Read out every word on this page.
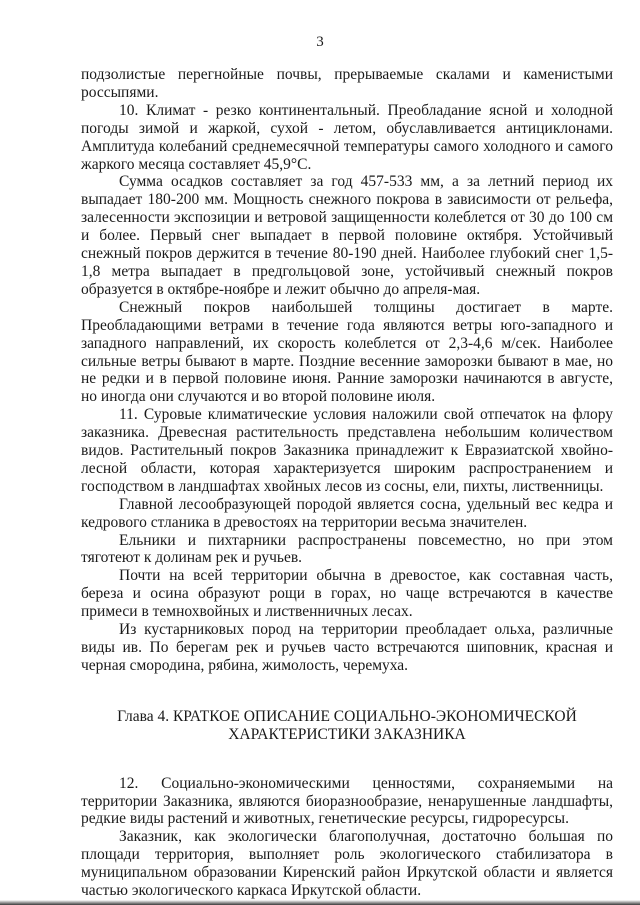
3

подзолистые перегнойные почвы, прерываемые скалами и каменистыми россыпями.

10. Климат - резко континентальный. Преобладание ясной и холодной погоды зимой и жаркой, сухой - летом, обуславливается антициклонами. Амплитуда колебаний среднемесячной температуры самого холодного и самого жаркого месяца составляет 45,9°С.

Сумма осадков составляет за год 457-533 мм, а за летний период их выпадает 180-200 мм. Мощность снежного покрова в зависимости от рельефа, залесенности экспозиции и ветровой защищенности колеблется от 30 до 100 см и более. Первый снег выпадает в первой половине октября. Устойчивый снежный покров держится в течение 80-190 дней. Наиболее глубокий снег 1,5-1,8 метра выпадает в предгольцовой зоне, устойчивый снежный покров образуется в октябре-ноябре и лежит обычно до апреля-мая.

Снежный покров наибольшей толщины достигает в марте. Преобладающими ветрами в течение года являются ветры юго-западного и западного направлений, их скорость колеблется от 2,3-4,6 м/сек. Наиболее сильные ветры бывают в марте. Поздние весенние заморозки бывают в мае, но не редки и в первой половине июня. Ранние заморозки начинаются в августе, но иногда они случаются и во второй половине июля.

11. Суровые климатические условия наложили свой отпечаток на флору заказника. Древесная растительность представлена небольшим количеством видов. Растительный покров Заказника принадлежит к Евразиатской хвойно-лесной области, которая характеризуется широким распространением и господством в ландшафтах хвойных лесов из сосны, ели, пихты, лиственницы.

Главной лесообразующей породой является сосна, удельный вес кедра и кедрового стланика в древостоях на территории весьма значителен.

Ельники и пихтарники распространены повсеместно, но при этом тяготеют к долинам рек и ручьев.

Почти на всей территории обычна в древостое, как составная часть, береза и осина образуют рощи в горах, но чаще встречаются в качестве примеси в темнохвойных и лиственничных лесах.

Из кустарниковых пород на территории преобладает ольха, различные виды ив. По берегам рек и ручьев часто встречаются шиповник, красная и черная смородина, рябина, жимолость, черемуха.

Глава 4. КРАТКОЕ ОПИСАНИЕ СОЦИАЛЬНО-ЭКОНОМИЧЕСКОЙ
ХАРАКТЕРИСТИКИ ЗАКАЗНИКА

12. Социально-экономическими ценностями, сохраняемыми на территории Заказника, являются биоразнообразие, ненарушенные ландшафты, редкие виды растений и животных, генетические ресурсы, гидроресурсы.

Заказник, как экологически благополучная, достаточно большая по площади территория, выполняет роль экологического стабилизатора в муниципальном образовании Киренский район Иркутской области и является частью экологического каркаса Иркутской области.
